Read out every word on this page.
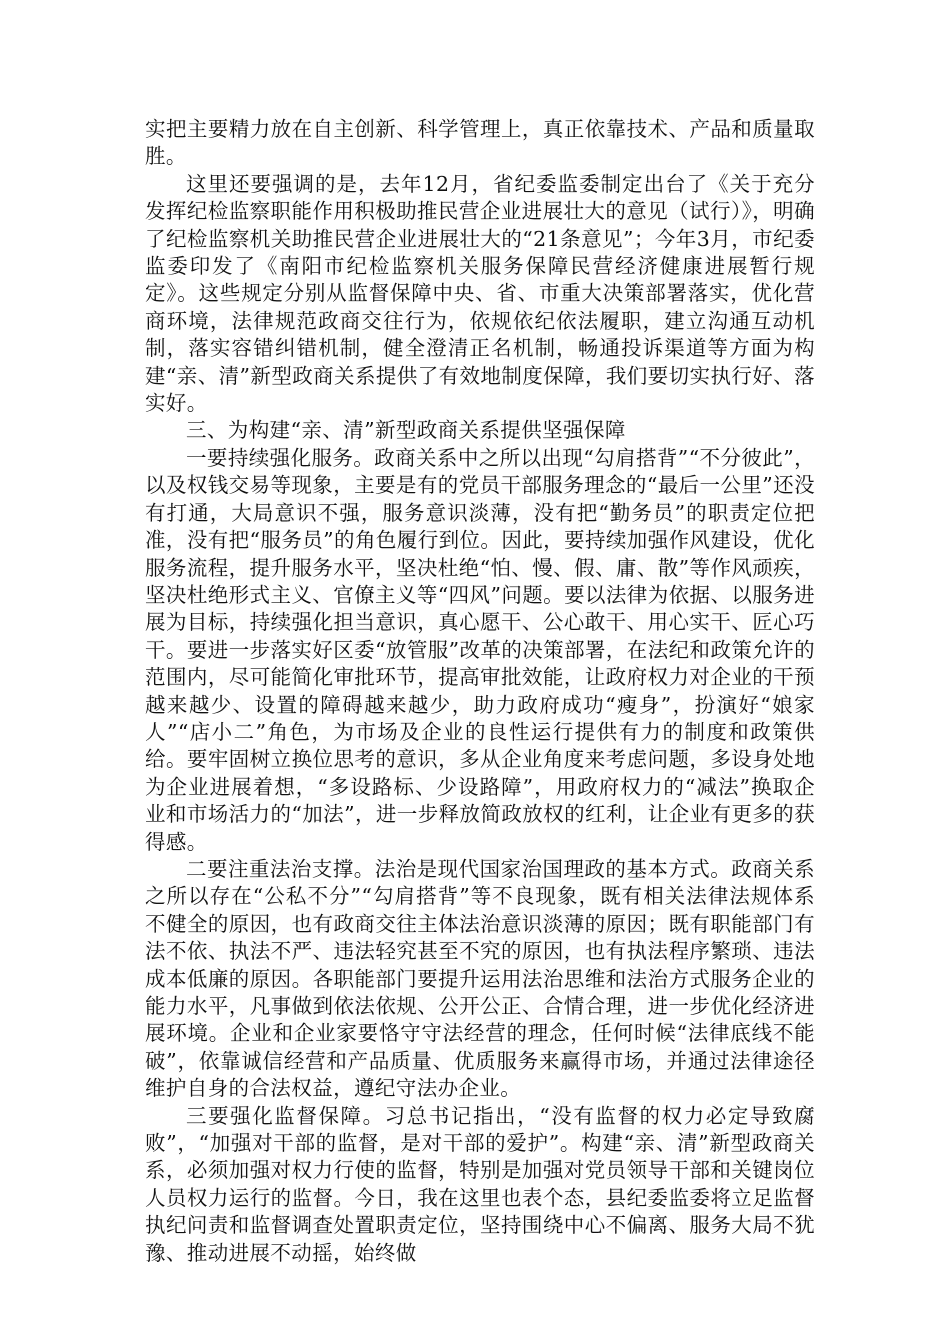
实把主要精力放在自主创新、科学管理上，真正依靠技术、产品和质量取胜。

这里还要强调的是，去年12月，省纪委监委制定出台了《关于充分发挥纪检监察职能作用积极助推民营企业进展壮大的意见（试行）》，明确了纪检监察机关助推民营企业进展壮大的“21条意见”；今年3月，市纪委监委印发了《南阳市纪检监察机关服务保障民营经济健康进展暂行规定》。这些规定分别从监督保障中央、省、市重大决策部署落实，优化营商环境，法律规范政商交往行为，依规依纪依法履职，建立沟通互动机制，落实容错纠错机制，健全澄清正名机制，畅通投诉渠道等方面为构建“亲、清”新型政商关系提供了有效地制度保障，我们要切实执行好、落实好。

三、为构建“亲、清”新型政商关系提供坚强保障

一要持续强化服务。政商关系中之所以出现“勾肩搭背”“不分彼此”，以及权钱交易等现象，主要是有的党员干部服务理念的“最后一公里”还没有打通，大局意识不强，服务意识淡薄，没有把“勤务员”的职责定位把准，没有把“服务员”的角色履行到位。因此，要持续加强作风建设，优化服务流程，提升服务水平，坚决杜绝“怕、慢、假、庸、散”等作风顽疾，坚决杜绝形式主义、官僚主义等“四风”问题。要以法律为依据、以服务进展为目标，持续强化担当意识，真心愿干、公心敢干、用心实干、匠心巧干。要进一步落实好区委“放管服”改革的决策部署，在法纪和政策允许的范围内，尽可能简化审批环节，提高审批效能，让政府权力对企业的干预越来越少、设置的障碍越来越少，助力政府成功“瘦身”，扮演好“娘家人”“店小二”角色，为市场及企业的良性运行提供有力的制度和政策供给。要牢固树立换位思考的意识，多从企业角度来考虑问题，多设身处地为企业进展着想，“多设路标、少设路障”，用政府权力的“减法”换取企业和市场活力的“加法”，进一步释放简政放权的红利，让企业有更多的获得感。

二要注重法治支撑。法治是现代国家治国理政的基本方式。政商关系之所以存在“公私不分”“勾肩搭背”等不良现象，既有相关法律法规体系不健全的原因，也有政商交往主体法治意识淡薄的原因；既有职能部门有法不依、执法不严、违法轻究甚至不究的原因，也有执法程序繁琐、违法成本低廉的原因。各职能部门要提升运用法治思维和法治方式服务企业的能力水平，凡事做到依法依规、公开公正、合情合理，进一步优化经济进展环境。企业和企业家要恪守守法经营的理念，任何时候“法律底线不能破”，依靠诚信经营和产品质量、优质服务来赢得市场，并通过法律途径维护自身的合法权益，遵纪守法办企业。

三要强化监督保障。习总书记指出，“没有监督的权力必定导致腐败”，“加强对干部的监督，是对干部的爱护”。构建“亲、清”新型政商关系，必须加强对权力行使的监督，特别是加强对党员领导干部和关键岗位人员权力运行的监督。今日，我在这里也表个态，县纪委监委将立足监督执纪问责和监督调查处置职责定位，坚持围绕中心不偏离、服务大局不犹豫、推动进展不动摇，始终做
